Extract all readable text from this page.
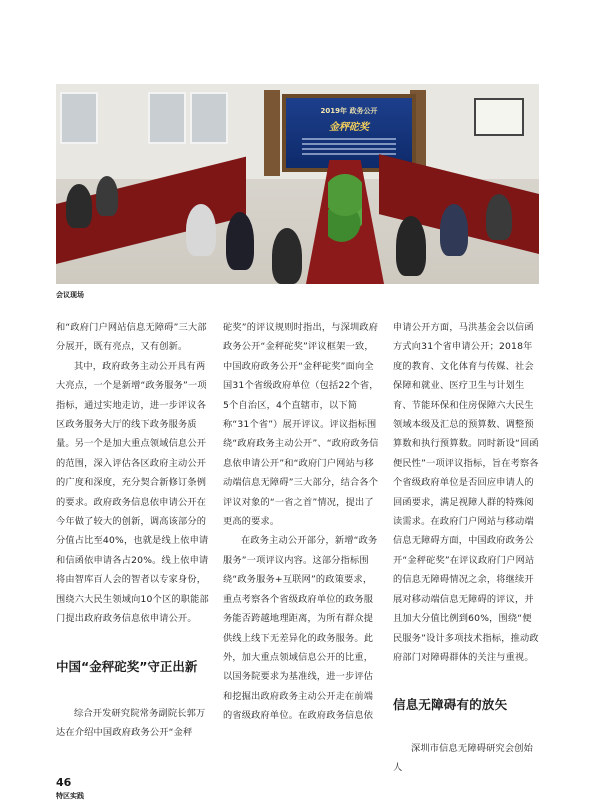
2019年 政务公开
金秤砣奖
会议现场

和“政府门户网站信息无障碍”三大部分展开，既有亮点，又有创新。

其中，政府政务主动公开具有两大亮点，一个是新增“政务服务”一项指标，通过实地走访，进一步评议各区政务服务大厅的线下政务服务质量。另一个是加大重点领域信息公开的范围，深入评估各区政府主动公开的广度和深度，充分契合新修订条例的要求。政府政务信息依申请公开在今年做了较大的创新，调高该部分的分值占比至40%，也就是线上依申请和信函依申请各占20%。线上依申请将由智库百人会的智者以专家身份，围绕六大民生领域向10个区的职能部门提出政府政务信息依申请公开。

中国“金秤砣奖”守正出新

综合开发研究院常务副院长郭万达在介绍中国政府政务公开“金秤

砣奖”的评议规则时指出，与深圳政府政务公开“金秤砣奖”评议框架一致，中国政府政务公开“金秤砣奖”面向全国31个省级政府单位（包括22个省，5个自治区，4个直辖市，以下简称“31个省”）展开评议。评议指标围绕“政府政务主动公开”、“政府政务信息依申请公开”和“政府门户网站与移动端信息无障碍”三大部分，结合各个评议对象的“一省之首”情况，提出了更高的要求。

在政务主动公开部分，新增“政务服务”一项评议内容。这部分指标围绕“政务服务+互联网”的政策要求，重点考察各个省级政府单位的政务服务能否跨越地理距离，为所有群众提供线上线下无差异化的政务服务。此外，加大重点领域信息公开的比重，以国务院要求为基准线，进一步评估和挖掘出政府政务主动公开走在前端的省级政府单位。在政府政务信息依

申请公开方面，马洪基金会以信函方式向31个省申请公开；2018年度的教育、文化体育与传媒、社会保障和就业、医疗卫生与计划生育、节能环保和住房保障六大民生领域本级及汇总的预算数、调整预算数和执行预算数。同时新设“回函便民性”一项评议指标，旨在考察各个省级政府单位是否回应申请人的回函要求，满足视障人群的特殊阅读需求。在政府门户网站与移动端信息无障碍方面，中国政府政务公开“金秤砣奖”在评议政府门户网站的信息无障碍情况之余，将继续开展对移动端信息无障碍的评议，并且加大分值比例到60%，围绕“便民服务”设计多项技术指标，推动政府部门对障碍群体的关注与重视。

信息无障碍有的放矢

深圳市信息无障碍研究会创始人

46
特区实践
